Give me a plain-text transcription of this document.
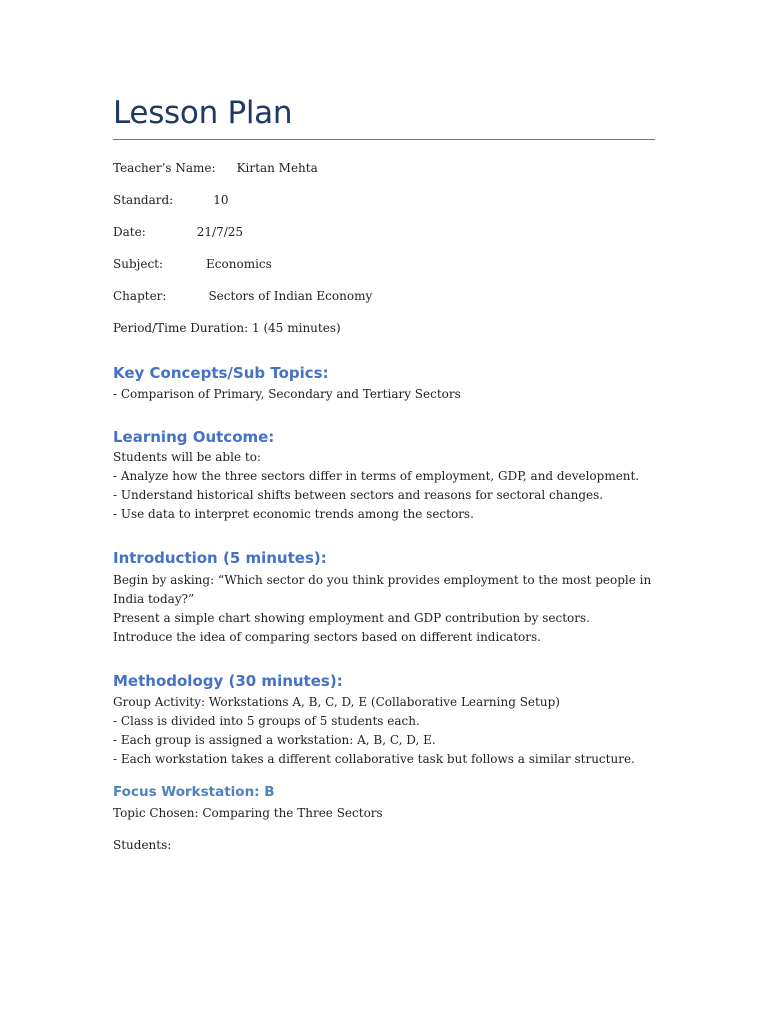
Lesson Plan

Teacher’s Name: Kirtan Mehta

Standard:	10

Date:	21/7/25

Subject:	Economics

Chapter:	Sectors of Indian Economy

Period/Time Duration: 1 (45 minutes)

Key Concepts/Sub Topics:

- Comparison of Primary, Secondary and Tertiary Sectors

Learning Outcome:

Students will be able to:

- Analyze how the three sectors differ in terms of employment, GDP, and development.

- Understand historical shifts between sectors and reasons for sectoral changes.

- Use data to interpret economic trends among the sectors.

Introduction (5 minutes):

Begin by asking: “Which sector do you think provides employment to the most people in

India today?”

Present a simple chart showing employment and GDP contribution by sectors.

Introduce the idea of comparing sectors based on different indicators.

Methodology (30 minutes):

Group Activity: Workstations A, B, C, D, E (Collaborative Learning Setup)

- Class is divided into 5 groups of 5 students each.

- Each group is assigned a workstation: A, B, C, D, E.

- Each workstation takes a different collaborative task but follows a similar structure.

Focus Workstation: B

Topic Chosen: Comparing the Three Sectors

Students:
